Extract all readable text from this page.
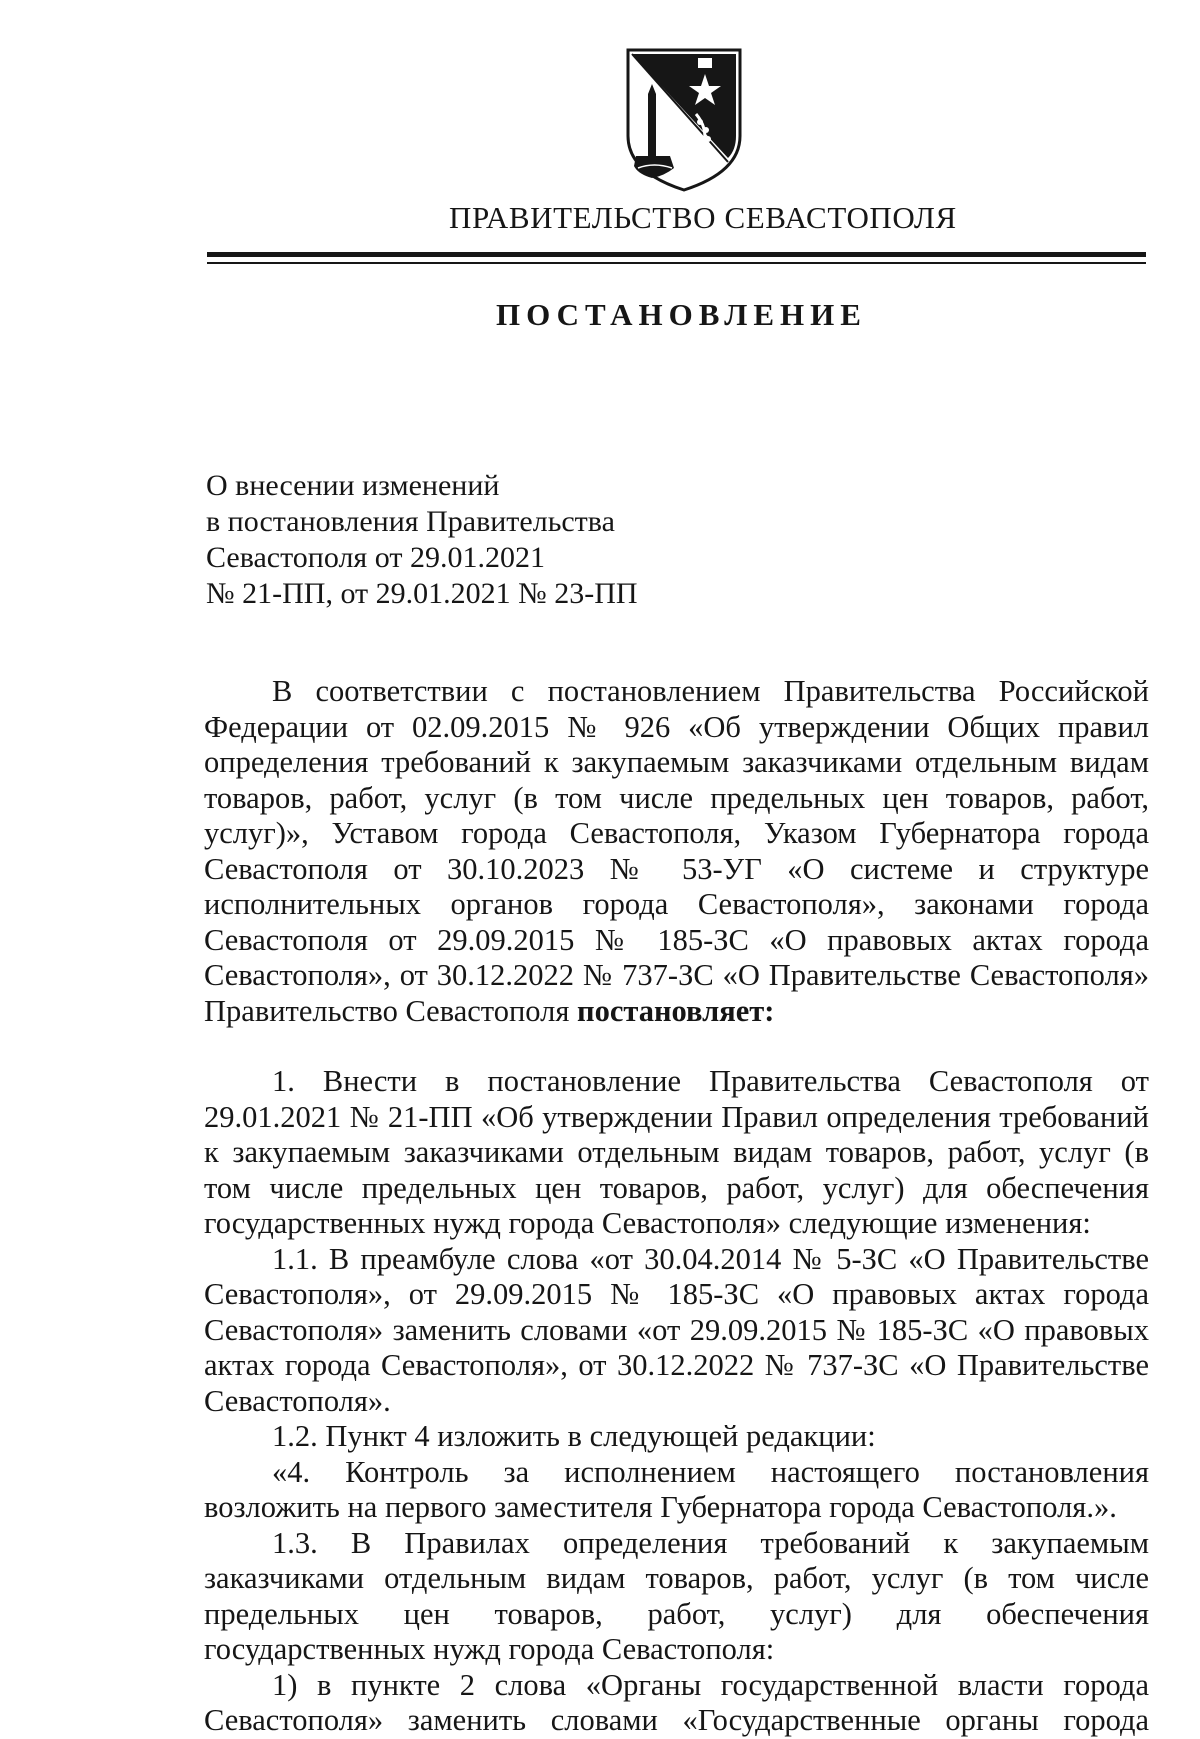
ПРАВИТЕЛЬСТВО СЕВАСТОПОЛЯ
ПОСТАНОВЛЕНИЕ
О внесении изменений
в постановления Правительства
Севастополя от 29.01.2021
№ 21-ПП, от 29.01.2021 № 23-ПП

В соответствии с постановлением Правительства Российской Федерации от 02.09.2015 № 926 «Об утверждении Общих правил определения требований к закупаемым заказчиками отдельным видам товаров, работ, услуг (в том числе предельных цен товаров, работ, услуг)», Уставом города Севастополя, Указом Губернатора города Севастополя от 30.10.2023 № 53-УГ «О системе и структуре исполнительных органов города Севастополя», законами города Севастополя от 29.09.2015 № 185-ЗС «О правовых актах города Севастополя», от 30.12.2022 № 737-ЗС «О Правительстве Севастополя» Правительство Севастополя постановляет:

1. Внести в постановление Правительства Севастополя от 29.01.2021 № 21-ПП «Об утверждении Правил определения требований к закупаемым заказчиками отдельным видам товаров, работ, услуг (в том числе предельных цен товаров, работ, услуг) для обеспечения государственных нужд города Севастополя» следующие изменения:

1.1. В преамбуле слова «от 30.04.2014 № 5-ЗС «О Правительстве Севастополя», от 29.09.2015 № 185-ЗС «О правовых актах города Севастополя» заменить словами «от 29.09.2015 № 185-ЗС «О правовых актах города Севастополя», от 30.12.2022 № 737-ЗС «О Правительстве Севастополя».

1.2. Пункт 4 изложить в следующей редакции:

«4. Контроль за исполнением настоящего постановления возложить на первого заместителя Губернатора города Севастополя.».

1.3. В Правилах определения требований к закупаемым заказчиками отдельным видам товаров, работ, услуг (в том числе предельных цен товаров, работ, услуг) для обеспечения государственных нужд города Севастополя:

1) в пункте 2 слова «Органы государственной власти города Севастополя» заменить словами «Государственные органы города
